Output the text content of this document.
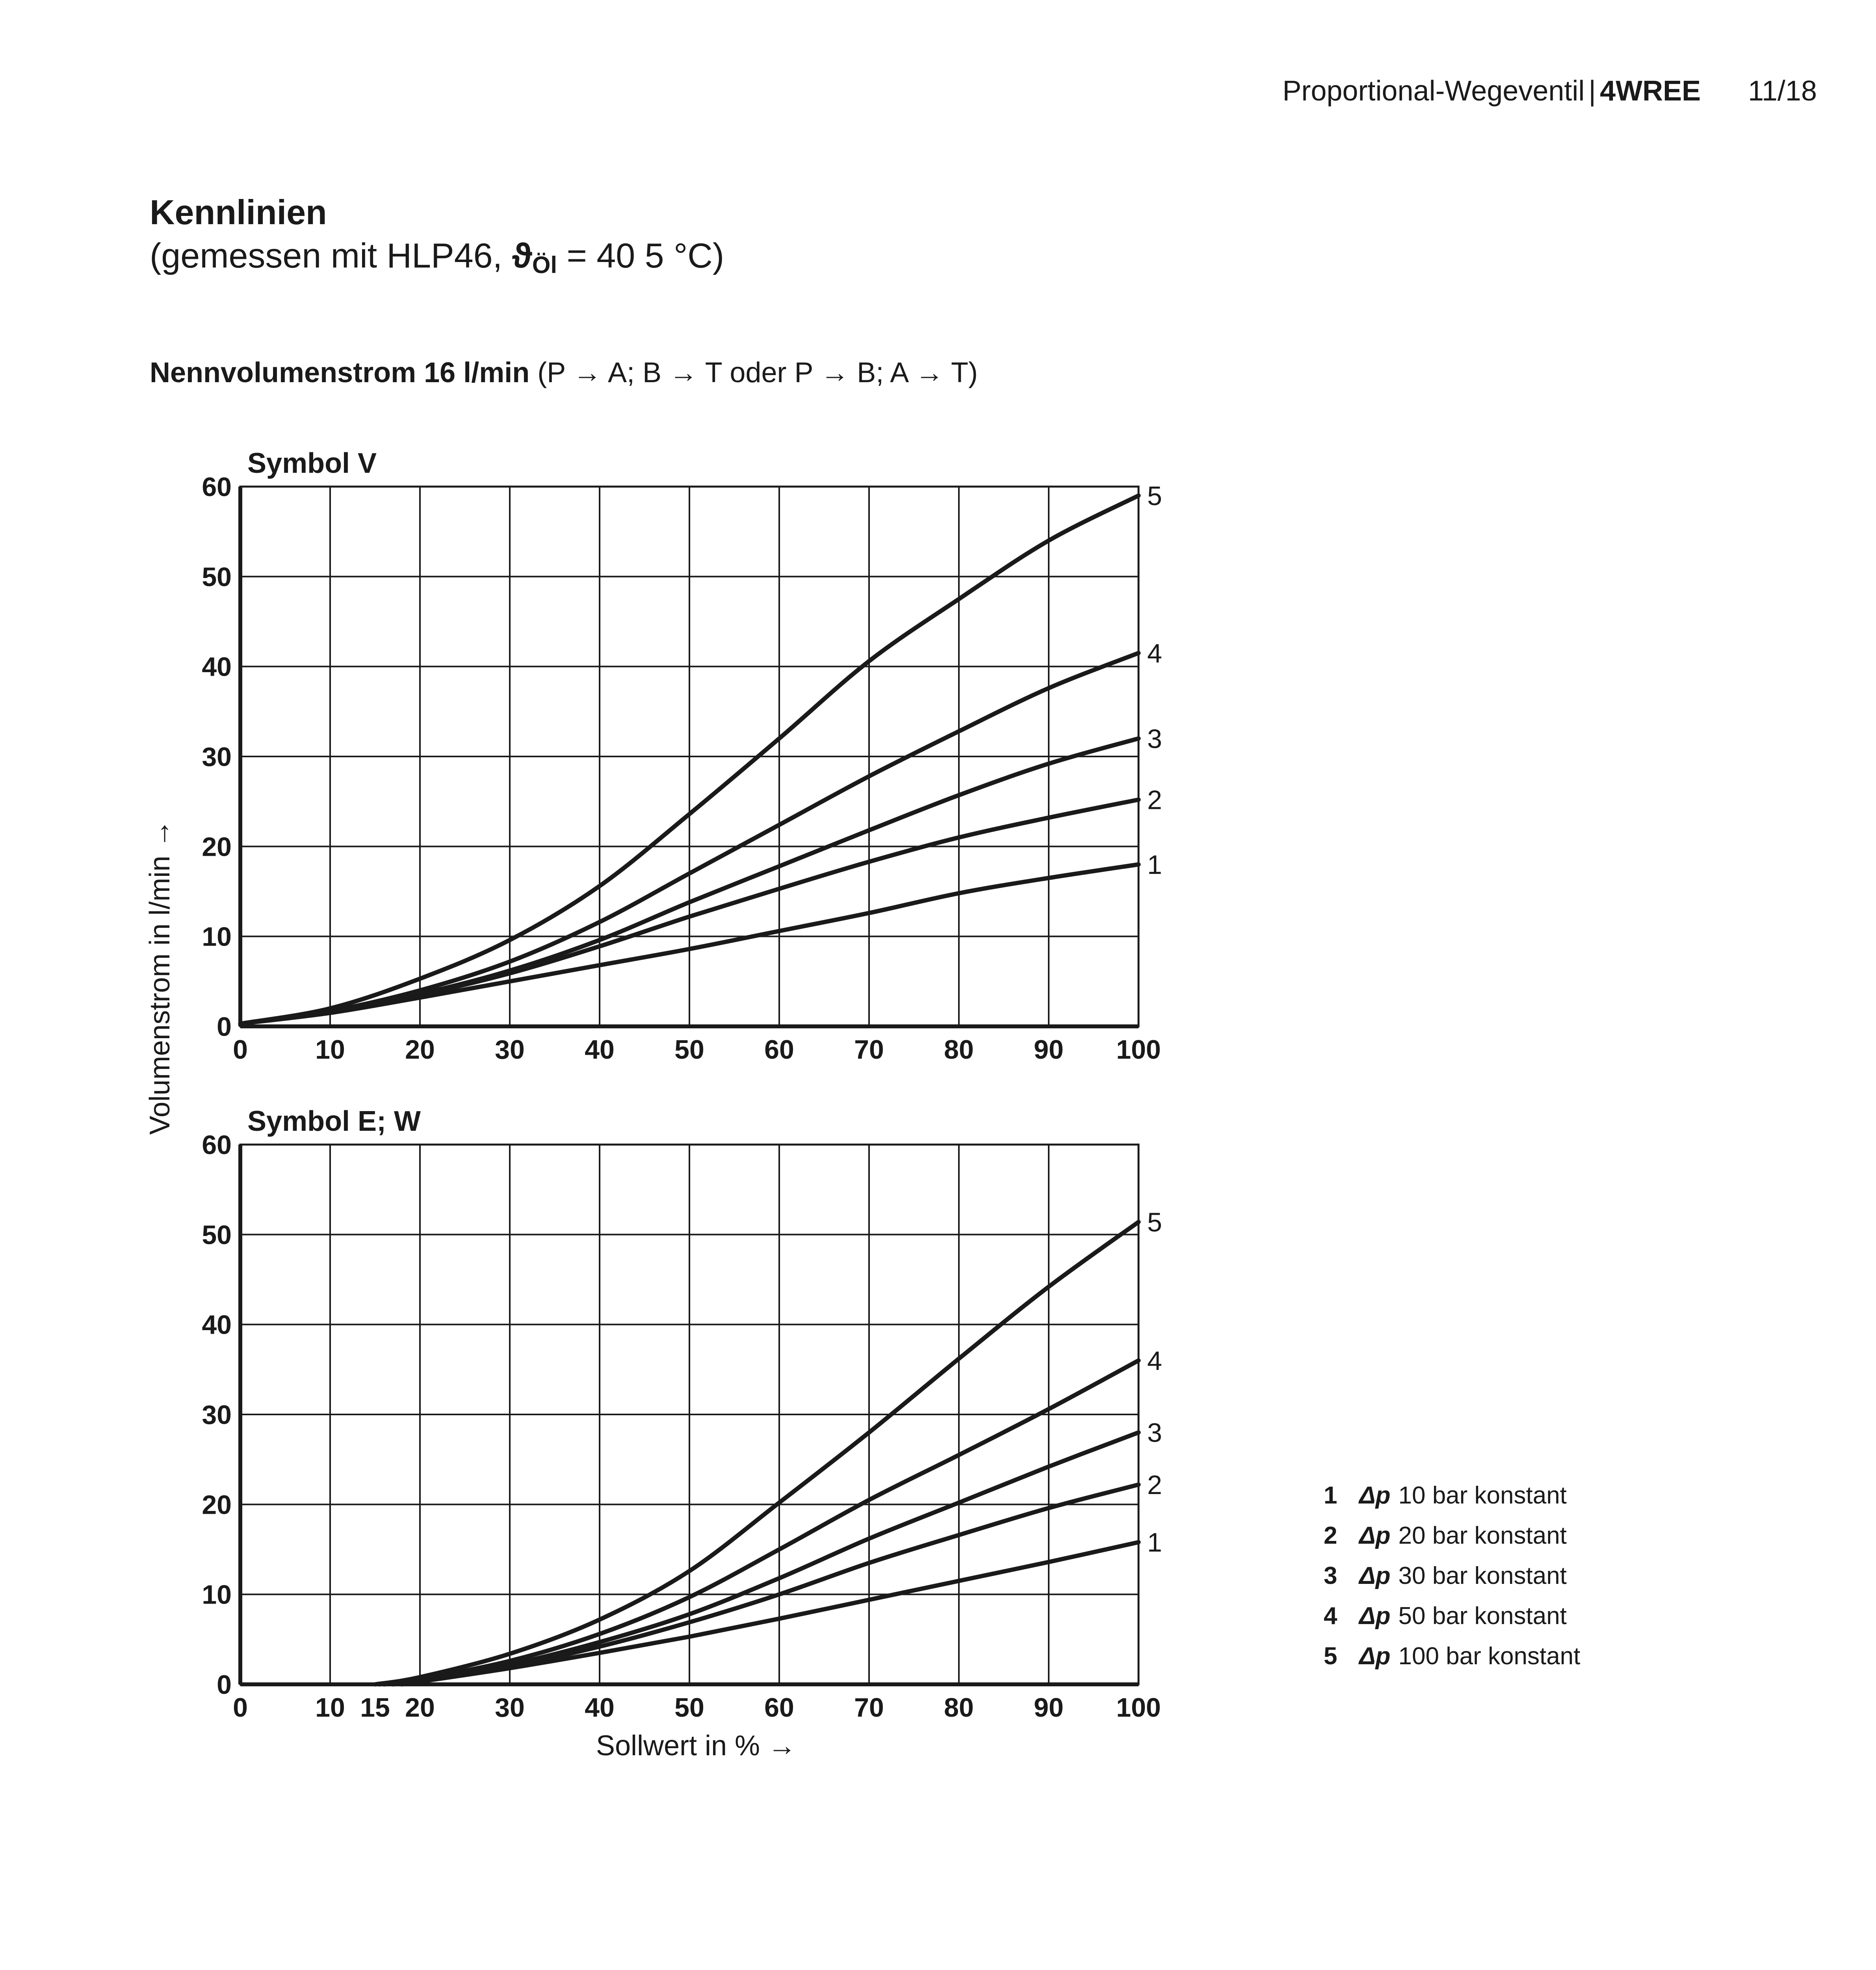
Proportional-Wegeventil | 4WREE 11/18
Kennlinien
(gemessen mit HLP46, $ϑ_{Öl} = 40$ 5 °C)
Nennvolumenstrom 16 l/min (P → A; B → T oder P → B; A → T)
Symbol V
0
10
20
30
40
50
60
0	10 20 30 40 50 60 70 80 90 100
1
2
3
4
5
Symbol E; W
0
10
20
30
40
50
60
0	10 15 20 30 40 50 60 70 80 90 100
1
2
3
4
5
Volumenstrom in l/min →
Sollwert in % →
1 Δp 10 bar konstant
2 Δp 20 bar konstant
3 Δp 30 bar konstant
4 Δp 50 bar konstant
5 Δp 100 bar konstant
